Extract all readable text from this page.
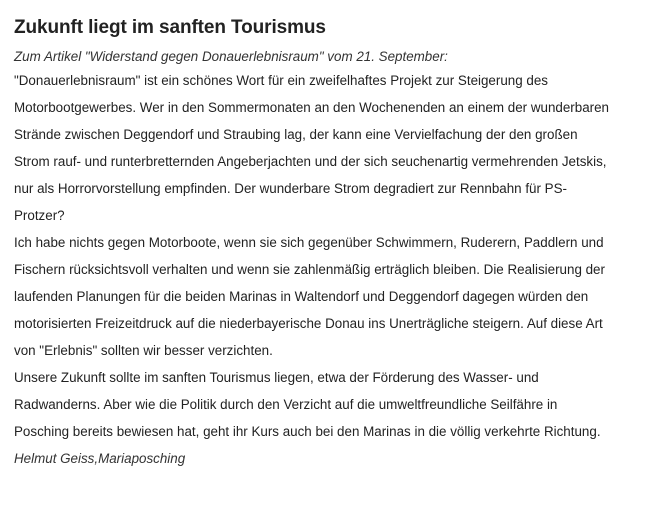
Zukunft liegt im sanften Tourismus

Zum Artikel "Widerstand gegen Donauerlebnisraum" vom 21. September:

"Donauerlebnisraum" ist ein schönes Wort für ein zweifelhaftes Projekt zur Steigerung des Motorbootgewerbes. Wer in den Sommermonaten an den Wochenenden an einem der wunderbaren Strände zwischen Deggendorf und Straubing lag, der kann eine Vervielfachung der den großen Strom rauf- und runterbretternden Angeberjachten und der sich seuchenartig vermehrenden Jetskis, nur als Horrorvorstellung empfinden. Der wunderbare Strom degradiert zur Rennbahn für PS-Protzer?

Ich habe nichts gegen Motorboote, wenn sie sich gegenüber Schwimmern, Ruderern, Paddlern und Fischern rücksichtsvoll verhalten und wenn sie zahlenmäßig erträglich bleiben. Die Realisierung der laufenden Planungen für die beiden Marinas in Waltendorf und Deggendorf dagegen würden den motorisierten Freizeitdruck auf die niederbayerische Donau ins Unerträgliche steigern. Auf diese Art von "Erlebnis" sollten wir besser verzichten.

Unsere Zukunft sollte im sanften Tourismus liegen, etwa der Förderung des Wasser- und Radwanderns. Aber wie die Politik durch den Verzicht auf die umweltfreundliche Seilfähre in Posching bereits bewiesen hat, geht ihr Kurs auch bei den Marinas in die völlig verkehrte Richtung.

Helmut Geiss,Mariaposching
